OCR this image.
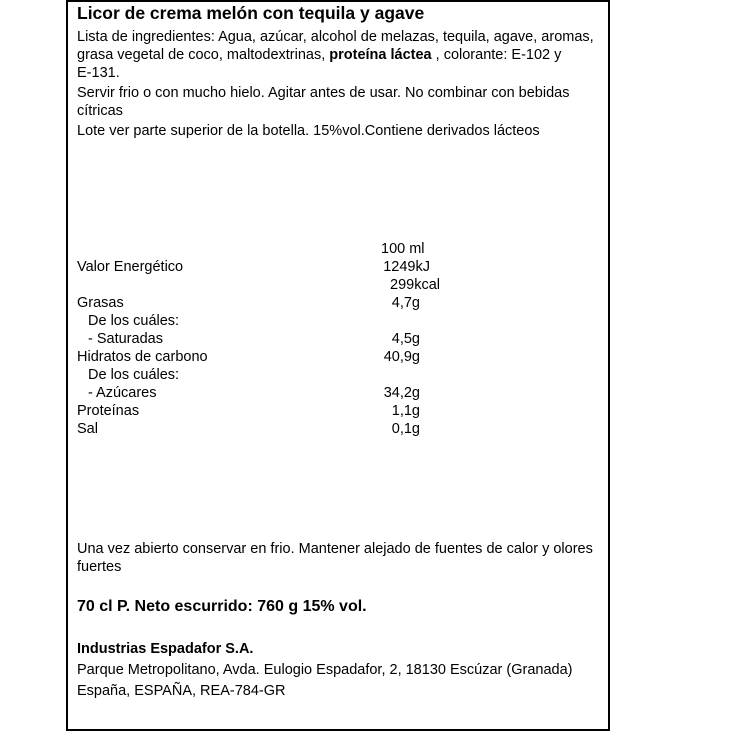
Licor de crema melón con tequila y agave
Lista de ingredientes: Agua, azúcar, alcohol de melazas, tequila, agave, aromas,
grasa vegetal de coco, maltodextrinas, proteína láctea , colorante: E-102 y
E-131.
Servir frio o con mucho hielo. Agitar antes de usar. No combinar con bebidas
cítricas
Lote ver parte superior de la botella. 15%vol.Contiene derivados lácteos
100 ml
Valor Energético	1249kJ
299kcal
Grasas	4,7g
De los cuáles:
- Saturadas	4,5g
Hidratos de carbono	40,9g
De los cuáles:
- Azúcares	34,2g
Proteínas	1,1g
Sal	0,1g
Una vez abierto conservar en frio. Mantener alejado de fuentes de calor y olores
fuertes
70 cl P. Neto escurrido: 760 g 15% vol.
Industrias Espadafor S.A.
Parque Metropolitano, Avda. Eulogio Espadafor, 2, 18130 Escúzar (Granada)
España, ESPAÑA, REA-784-GR
